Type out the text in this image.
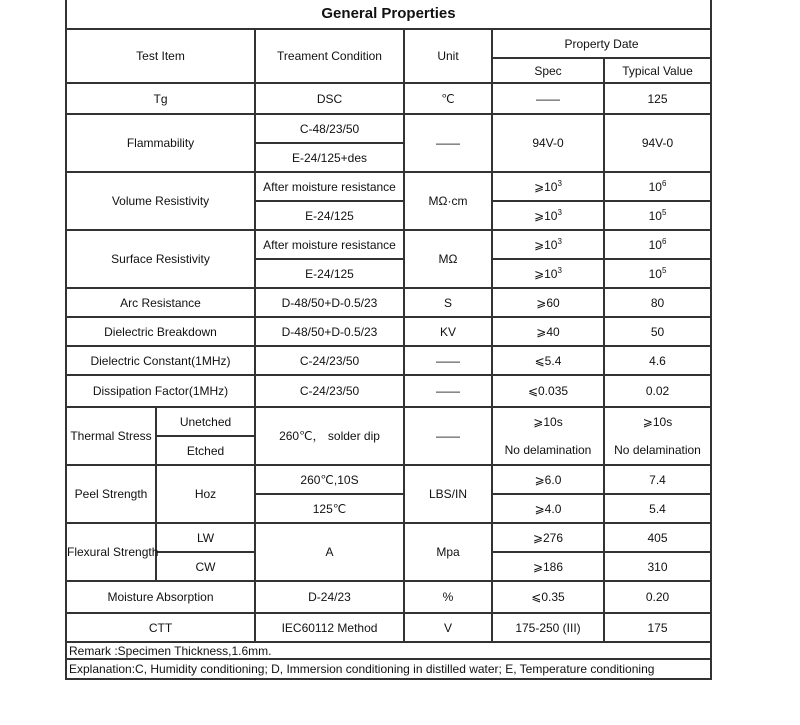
General Properties					
Test Item		Treament Condition	Unit	Property Date	
				Spec	Typical Value
Tg		DSC	℃	——	125
Flammability		C-48/23/50	——	94V-0	94V-0
		E-24/125+des			
Volume Resistivity		After moisture resistance	MΩ·cm	$⩾10^3$	$10^6$
		E-24/125		$⩾10^3$	$10^5$
Surface Resistivity		After moisture resistance	MΩ	$⩾10^3$	$10^6$
		E-24/125		$⩾10^3$	$10^5$
Arc Resistance		D-48/50+D-0.5/23	S	⩾60	80
Dielectric Breakdown		D-48/50+D-0.5/23	KV	⩾40	50
Dielectric Constant(1MHz)		C-24/23/50	——	⩽5.4	4.6
Dissipation Factor(1MHz)		C-24/23/50	——	⩽0.035	0.02
Thermal Stress	Unetched	260℃， solder dip	——	⩾10s	⩾10s
	Etched			No delamination	No delamination
Peel Strength	Hoz	260℃,10S	LBS/IN	⩾6.0	7.4
		125℃		⩾4.0	5.4
Flexural Strength	LW	A	Mpa	⩾276	405
	CW			⩾186	310
Moisture Absorption		D-24/23	%	⩽0.35	0.20
CTT		IEC60112 Method	V	175-250 (III)	175
Remark :Specimen Thickness,1.6mm.					
Explanation:C, Humidity conditioning; D, Immersion conditioning in distilled water; E, Temperature conditioning					
